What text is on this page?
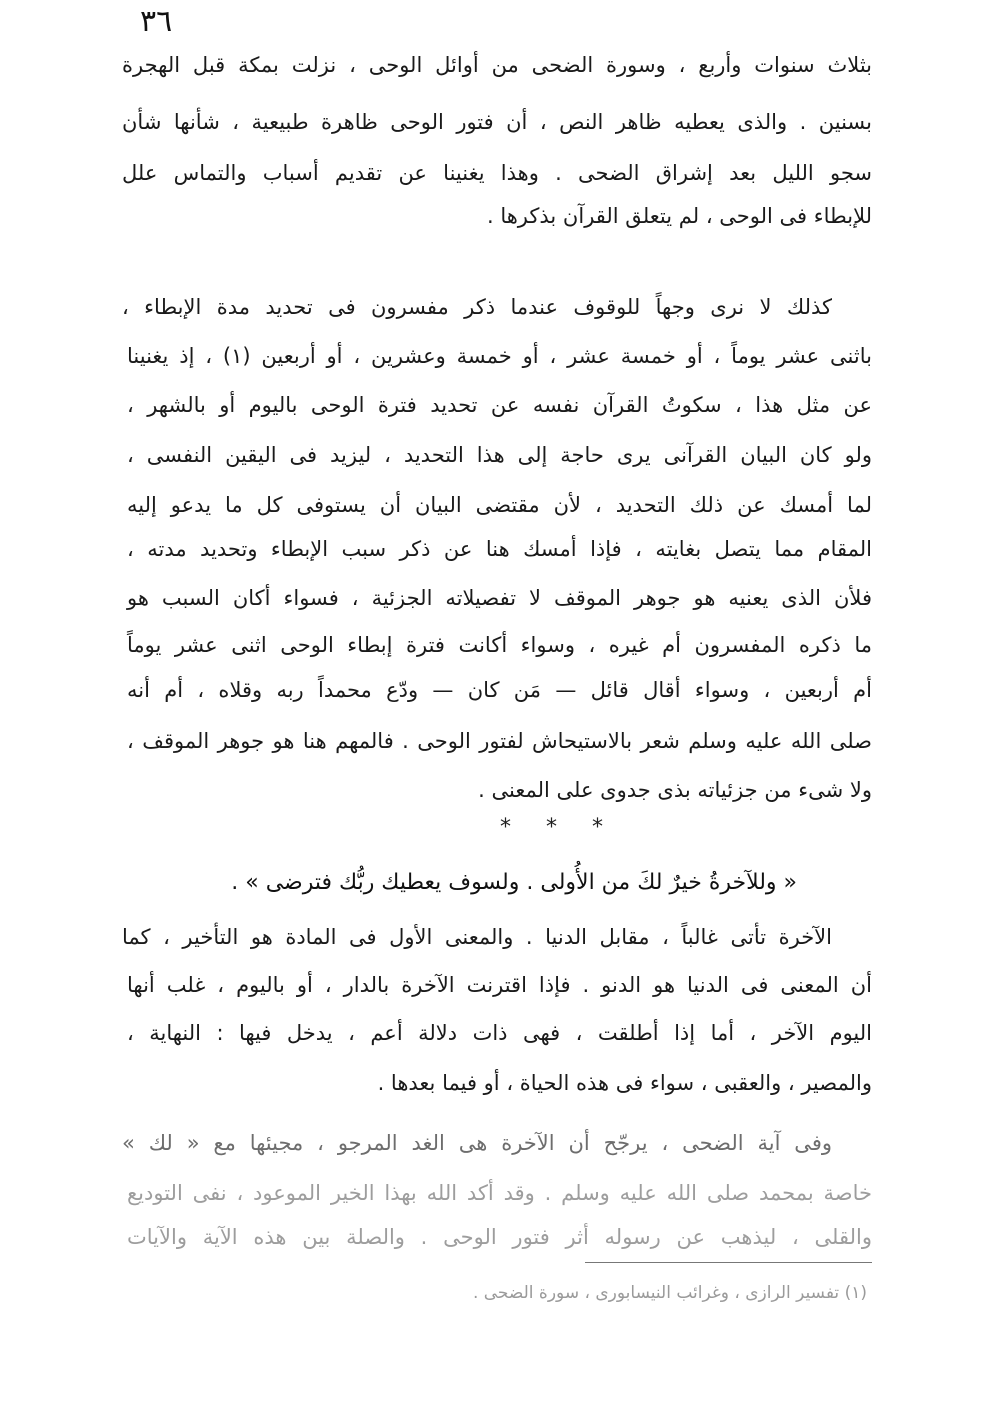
٣٦
بثلاث سنوات وأربع ، وسورة الضحى من أوائل الوحى ، نزلت بمكة قبل الهجرة
بسنين . والذى يعطيه ظاهر النص ، أن فتور الوحى ظاهرة طبيعية ، شأنها شأن
سجو الليل بعد إشراق الضحى . وهذا يغنينا عن تقديم أسباب والتماس علل
للإبطاء فى الوحى ، لم يتعلق القرآن بذكرها .
كذلك لا نرى وجهاً للوقوف عندما ذكر مفسرون فى تحديد مدة الإبطاء ،
باثنى عشر يوماً ، أو خمسة عشر ، أو خمسة وعشرين ، أو أربعين (١) ، إذ يغنينا
عن مثل هذا ، سكوتُ القرآن نفسه عن تحديد فترة الوحى باليوم أو بالشهر ،
ولو كان البيان القرآنى يرى حاجة إلى هذا التحديد ، ليزيد فى اليقين النفسى ،
لما أمسك عن ذلك التحديد ، لأن مقتضى البيان أن يستوفى كل ما يدعو إليه
المقام مما يتصل بغايته ، فإذا أمسك هنا عن ذكر سبب الإبطاء وتحديد مدته ،
فلأن الذى يعنيه هو جوهر الموقف لا تفصيلاته الجزئية ، فسواء أكان السبب هو
ما ذكره المفسرون أم غيره ، وسواء أكانت فترة إبطاء الوحى اثنى عشر يوماً
أم أربعين ، وسواء أقال قائل — مَن كان — ودّع محمداً ربه وقلاه ، أم أنه
صلى الله عليه وسلم شعر بالاستيحاش لفتور الوحى . فالمهم هنا هو جوهر الموقف ،
ولا شىء من جزئياته بذى جدوى على المعنى .
* * *
« وللآخرةُ خيرٌ لكَ من الأُولى . ولسوف يعطيك ربُّك فترضى » .
الآخرة تأتى غالباً ، مقابل الدنيا . والمعنى الأول فى المادة هو التأخير ، كما
أن المعنى فى الدنيا هو الدنو . فإذا اقترنت الآخرة بالدار ، أو باليوم ، غلب أنها
اليوم الآخر ، أما إذا أطلقت ، فهى ذات دلالة أعم ، يدخل فيها : النهاية ،
والمصير ، والعقبى ، سواء فى هذه الحياة ، أو فيما بعدها .
وفى آية الضحى ، يرجّح أن الآخرة هى الغد المرجو ، مجيئها مع « لك »
خاصة بمحمد صلى الله عليه وسلم . وقد أكد الله بهذا الخير الموعود ، نفى التوديع
والقلى ، ليذهب عن رسوله أثر فتور الوحى . والصلة بين هذه الآية والآيات
(١) تفسير الرازى ، وغرائب النيسابورى ، سورة الضحى .
